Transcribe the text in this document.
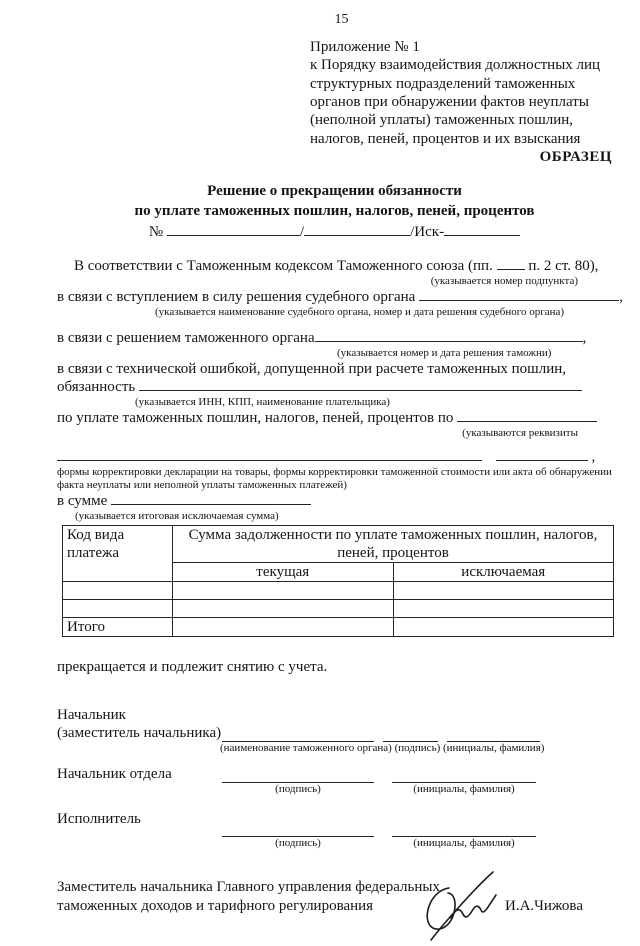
15
Приложение № 1
к Порядку взаимодействия должностных лиц
структурных подразделений таможенных
органов при обнаружении фактов неуплаты
(неполной уплаты) таможенных пошлин,
налогов, пеней, процентов и их взыскания
ОБРАЗЕЦ
Решение о прекращении обязанности
по уплате таможенных пошлин, налогов, пеней, процентов
№	/	/Иск-
В соответствии с Таможенным кодексом Таможенного союза (пп. п. 2 ст. 80),
(указывается номер подпункта)
в связи с вступлением в силу решения судебного органа	,
(указывается наименование судебного органа, номер и дата решения судебного органа)
в связи с решением таможенного органа	,
(указывается номер и дата решения таможни)
в связи с технической ошибкой, допущенной при расчете таможенных пошлин,
обязанность
(указывается ИНН, КПП, наименование плательщика)
по уплате таможенных пошлин, налогов, пеней, процентов по
(указываются реквизиты
,
формы корректировки декларации на товары, формы корректировки таможенной стоимости или акта об обнаружении
факта неуплаты или неполной уплаты таможенных платежей)
в сумме
(указывается итоговая исключаемая сумма)
Код вида платежа	Сумма задолженности по уплате таможенных пошлин, налогов, пеней, процентов	
	текущая	исключаемая

Итого		
прекращается и подлежит снятию с учета.
Начальник
(заместитель начальника)
(наименование таможенного органа)
(подпись)
(инициалы, фамилия)
Начальник отдела
(подпись)	(инициалы, фамилия)
Исполнитель
(подпись)	(инициалы, фамилия)
Заместитель начальника Главного управления федеральных
таможенных доходов и тарифного регулирования	И.А.Чижова
